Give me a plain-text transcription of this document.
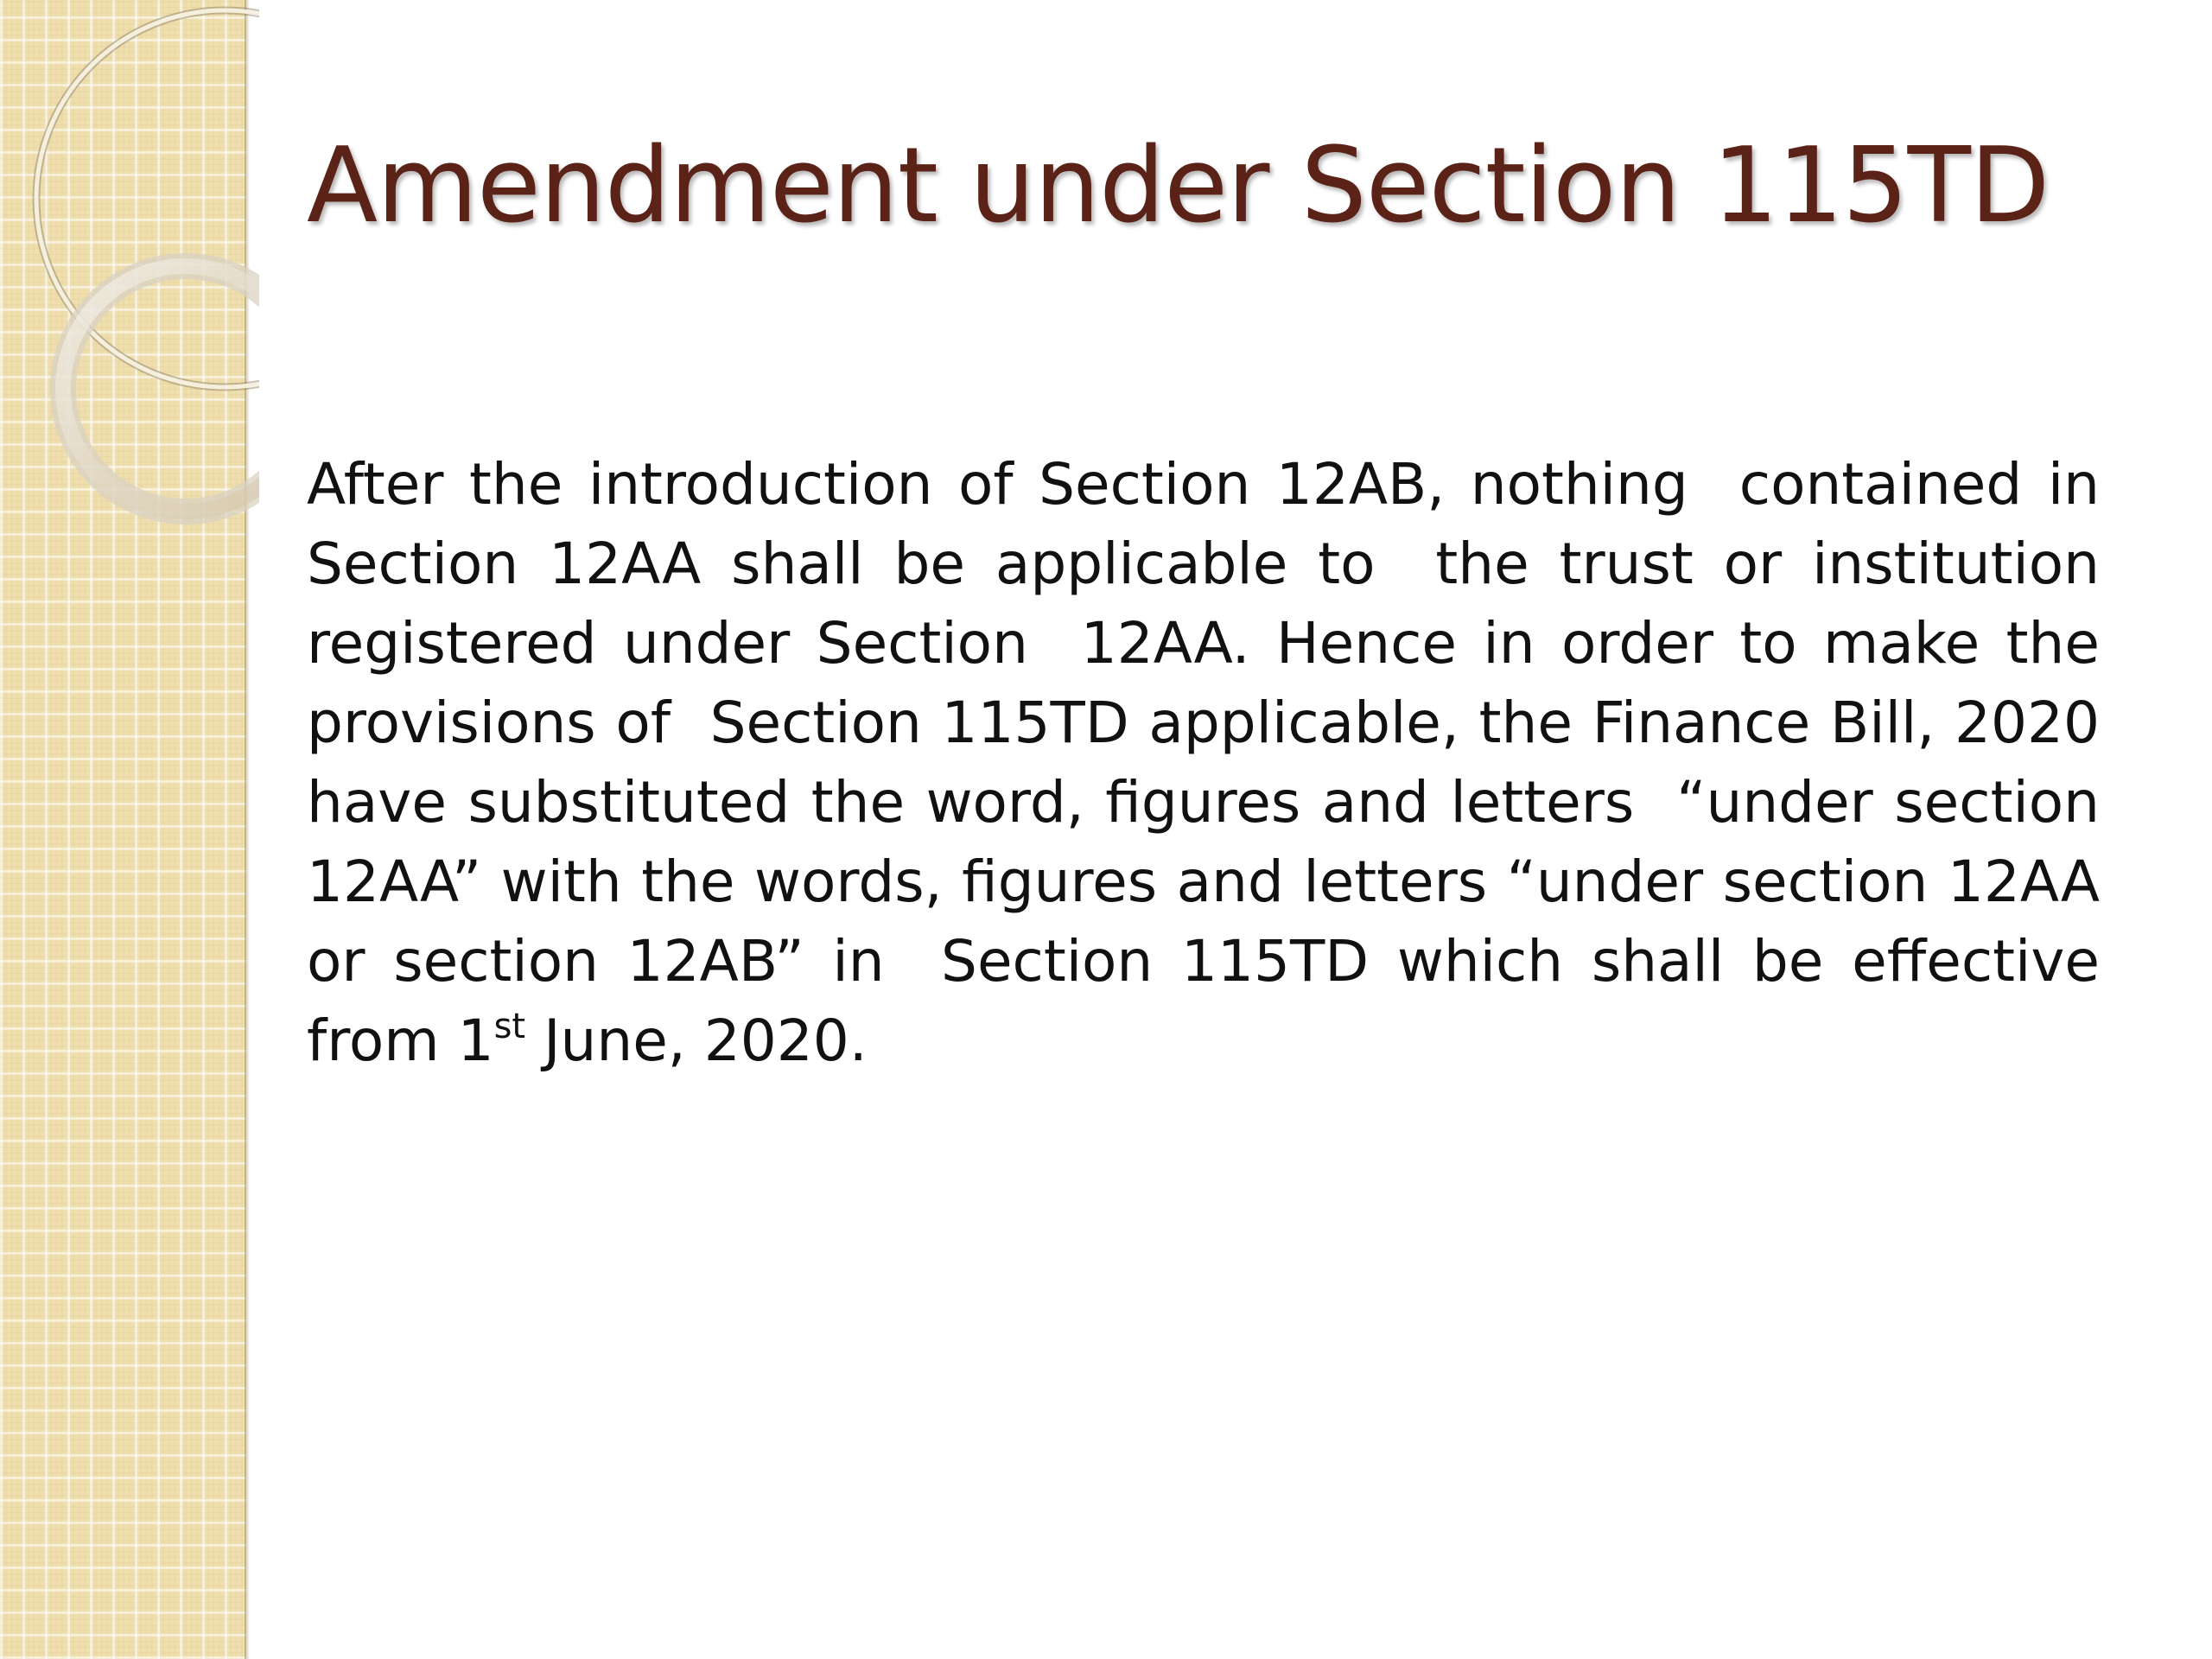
Amendment under Section 115TD

After the introduction of Section 12AB, nothing  contained in Section 12AA shall be applicable to  the trust or institution registered under Section  12AA. Hence in order to make the provisions of  Section 115TD applicable, the Finance Bill, 2020  have substituted the word, figures and letters  “under section 12AA” with the words, figures and letters “under section 12AA or section 12AB” in  Section 115TD which shall be effective from 1st June, 2020.
